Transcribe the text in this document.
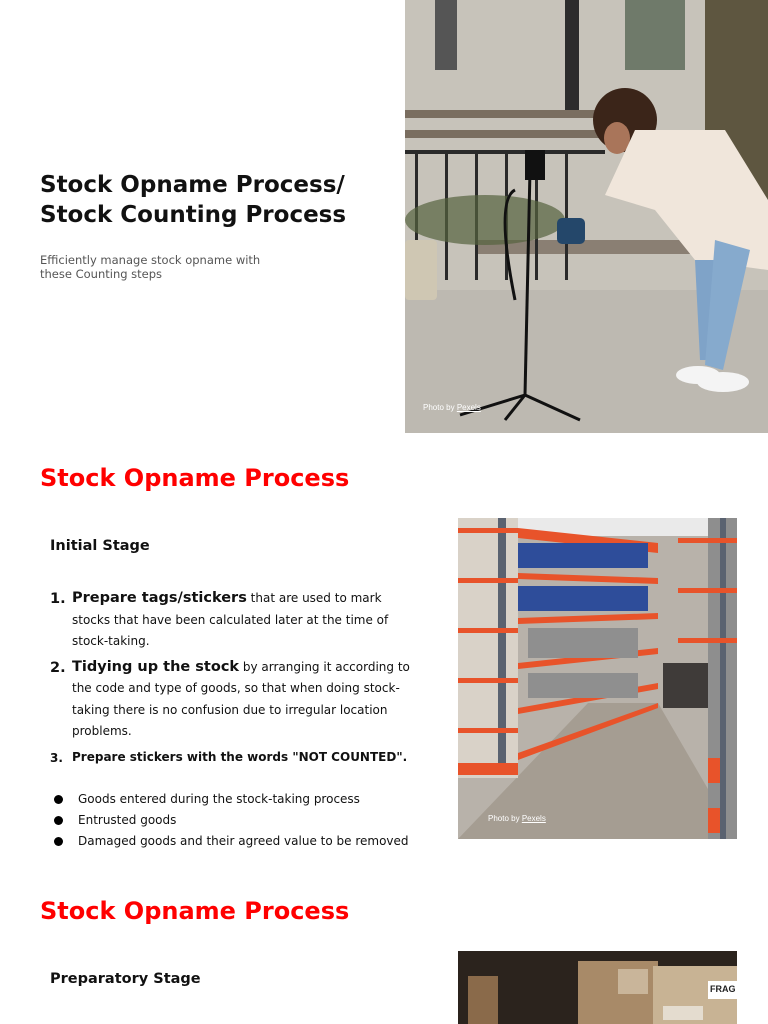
Stock Opname Process/
Stock Counting Process

Efficiently manage stock opname with
these Counting steps

Photo by Pexels
Stock Opname Process
Initial Stage
1. Prepare tags/stickers that are used to mark stocks that have been calculated later at the time of stock-taking.
2. Tidying up the stock by arranging it according to the code and type of goods, so that when doing stock-taking there is no confusion due to irregular location problems.
3. Prepare stickers with the words "NOT COUNTED".
Goods entered during the stock-taking process
Entrusted goods
Damaged goods and their agreed value to be removed
Photo by Pexels
Stock Opname Process
Preparatory Stage
FRAG
